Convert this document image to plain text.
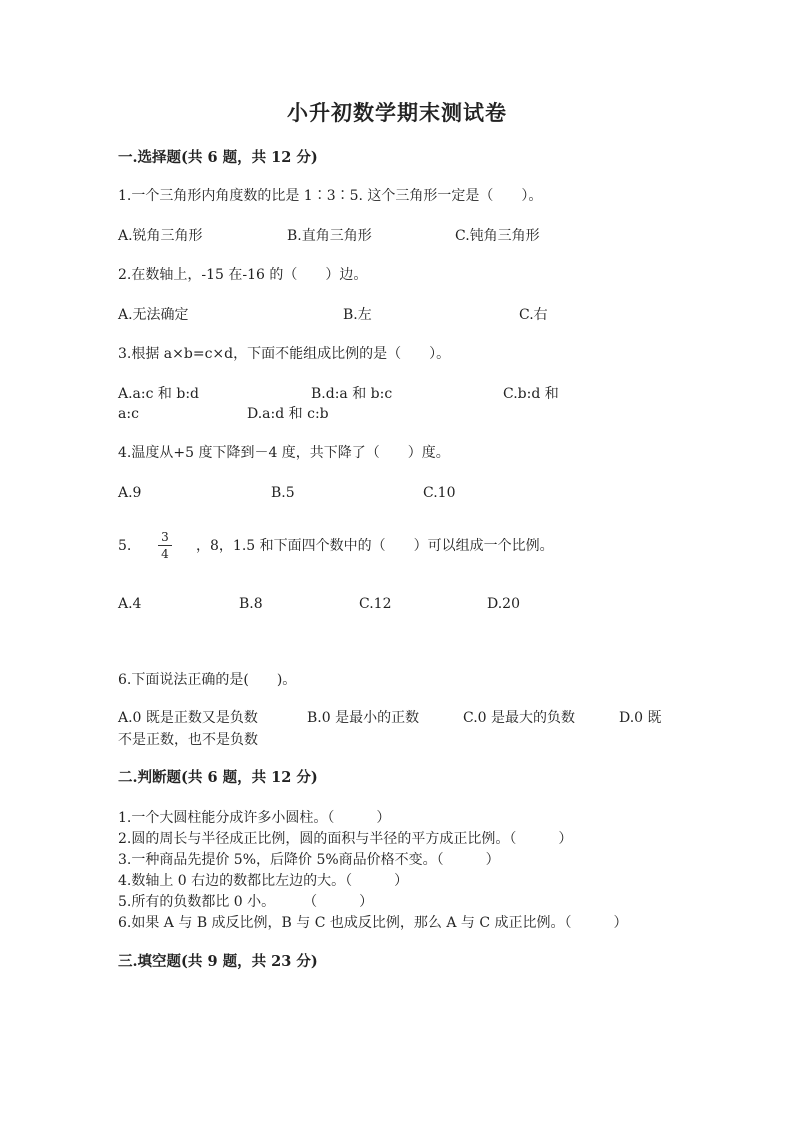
小升初数学期末测试卷
一.选择题(共 6 题，共 12 分)
1.一个三角形内角度数的比是 1∶3∶5. 这个三角形一定是（　　）。
A.锐角三角形	B.直角三角形	C.钝角三角形
2.在数轴上，-15 在-16 的（　　）边。
A.无法确定	B.左	C.右
3.根据 a×b=c×d，下面不能组成比例的是（　　）。
A.a:c 和 b:d	B.d:a 和 b:c	C.b:d 和
a:c	D.a:d 和 c:b
4.温度从+5 度下降到－4 度，共下降了（　　）度。
A.9	B.5	C.10
5.
3
4 ，8，1.5 和下面四个数中的（　　）可以组成一个比例。
A.4	B.8	C.12	D.20
6.下面说法正确的是(　　)。
A.0 既是正数又是负数	B.0 是最小的正数	C.0 是最大的负数	D.0 既
不是正数，也不是负数
二.判断题(共 6 题，共 12 分)
1.一个大圆柱能分成许多小圆柱。（　　　）
2.圆的周长与半径成正比例，圆的面积与半径的平方成正比例。（　　　）
3.一种商品先提价 5%，后降价 5%商品价格不变。（　　　）
4.数轴上 0 右边的数都比左边的大。（　　　）
5.所有的负数都比 0 小。　　　（　　　）
6.如果 A 与 B 成反比例，B 与 C 也成反比例，那么 A 与 C 成正比例。（　　　）
三.填空题(共 9 题，共 23 分)
